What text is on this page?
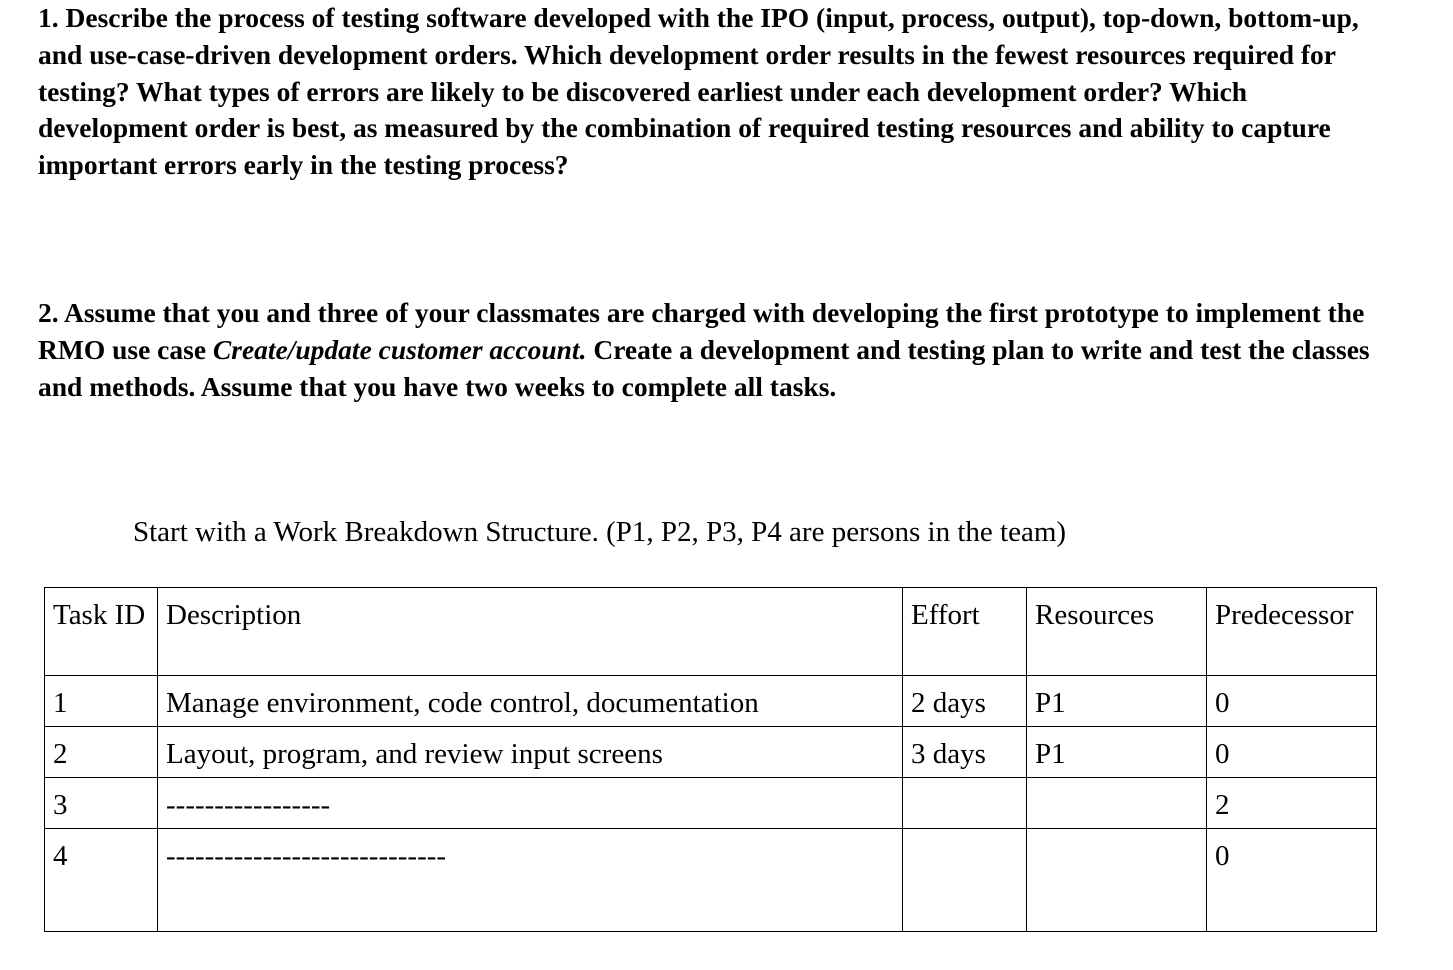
1. Describe the process of testing software developed with the IPO (input, process, output), top-down, bottom-up, and use-case-driven development orders. Which development order results in the fewest resources required for testing? What types of errors are likely to be discovered earliest under each development order? Which development order is best, as measured by the combination of required testing resources and ability to capture important errors early in the testing process?

2. Assume that you and three of your classmates are charged with developing the first prototype to implement the RMO use case Create/update customer account. Create a development and testing plan to write and test the classes and methods. Assume that you have two weeks to complete all tasks.

Start with a Work Breakdown Structure. (P1, P2, P3, P4 are persons in the team)

Task ID	Description	Effort	Resources	Predecessor
1	Manage environment, code control, documentation	2 days	P1	0
2	Layout, program, and review input screens	3 days	P1	0
3	-----------------			2
4	-----------------------------			0
